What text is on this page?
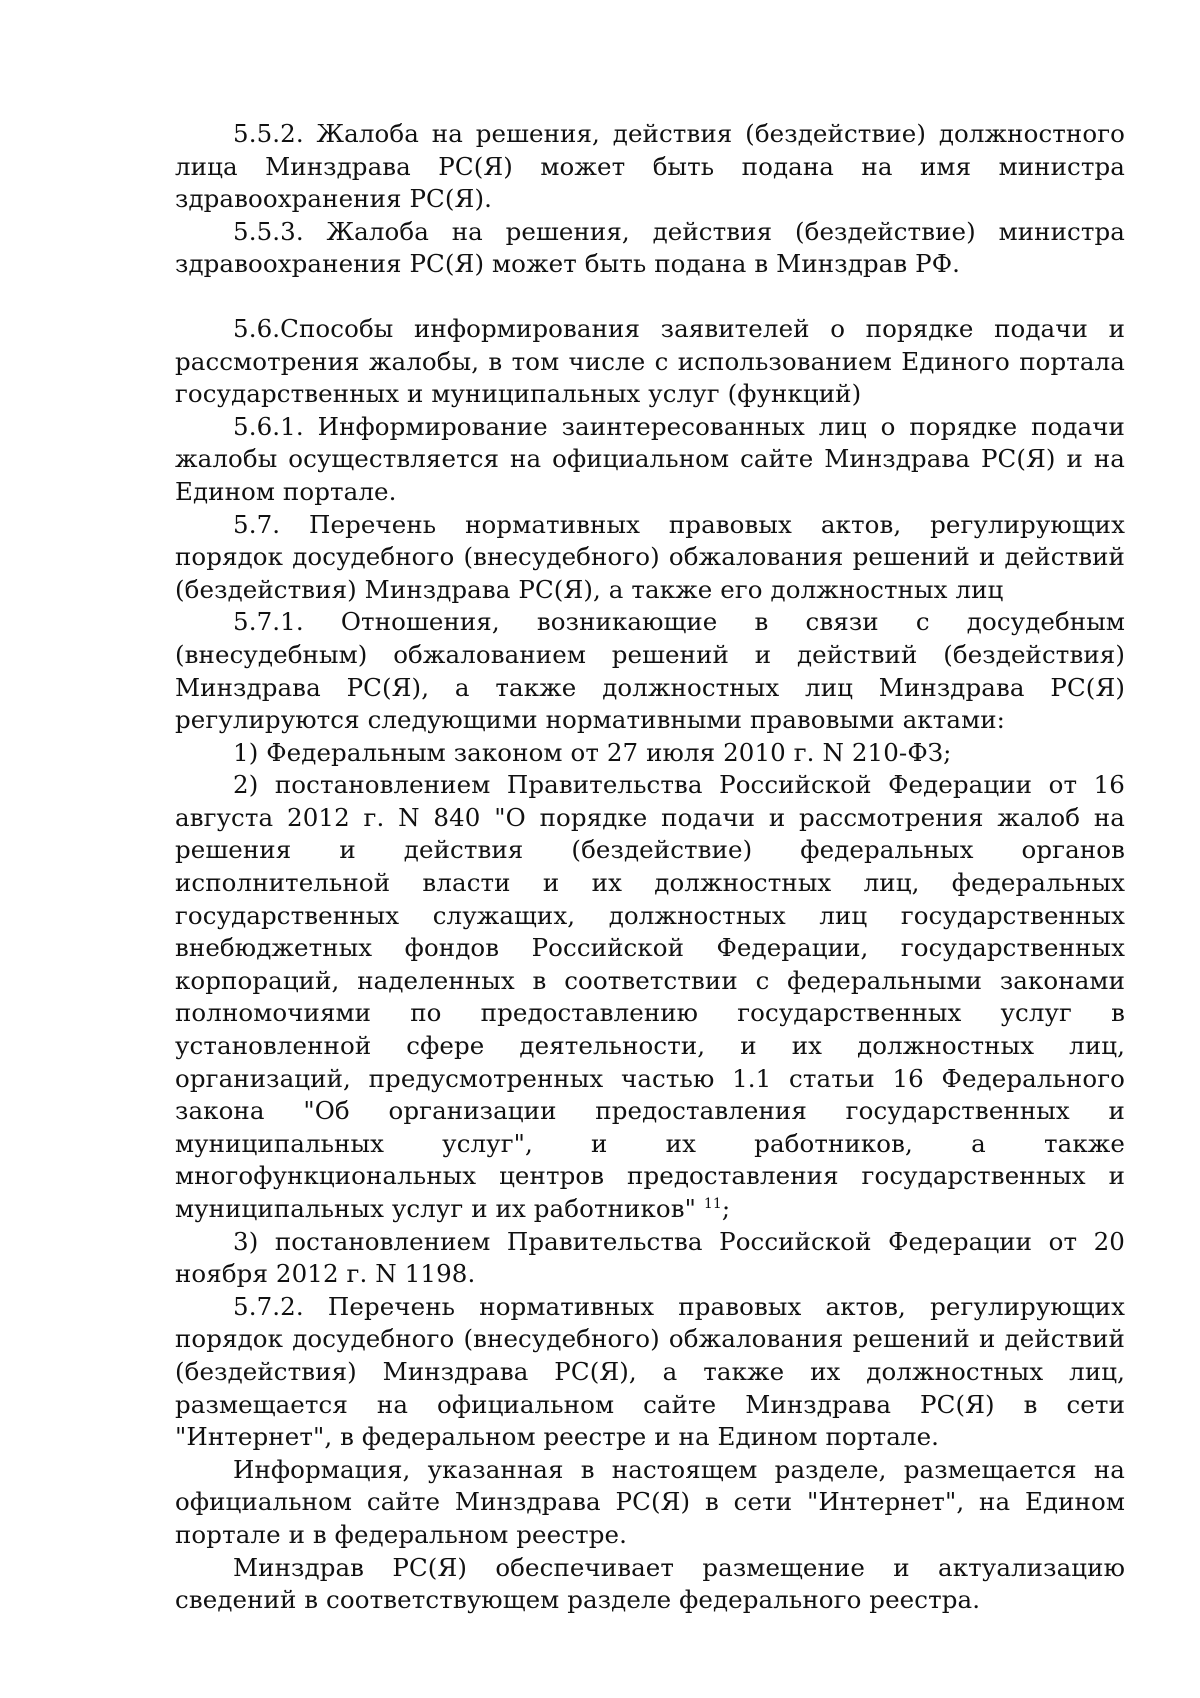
5.5.2. Жалоба на решения, действия (бездействие) должностного лица Минздрава РС(Я) может быть подана на имя министра здравоохранения РС(Я).

5.5.3. Жалоба на решения, действия (бездействие) министра здравоохранения РС(Я) может быть подана в Минздрав РФ.

5.6.Способы информирования заявителей о порядке подачи и рассмотрения жалобы, в том числе с использованием Единого портала государственных и муниципальных услуг (функций)

5.6.1. Информирование заинтересованных лиц о порядке подачи жалобы осуществляется на официальном сайте Минздрава РС(Я) и на Едином портале.

5.7. Перечень нормативных правовых актов, регулирующих порядок досудебного (внесудебного) обжалования решений и действий (бездействия) Минздрава РС(Я), а также его должностных лиц

5.7.1. Отношения, возникающие в связи с досудебным (внесудебным) обжалованием решений и действий (бездействия) Минздрава РС(Я), а также должностных лиц Минздрава РС(Я) регулируются следующими нормативными правовыми актами:

1) Федеральным законом от 27 июля 2010 г. N 210-ФЗ;

2) постановлением Правительства Российской Федерации от 16 августа 2012 г. N 840 "О порядке подачи и рассмотрения жалоб на решения и действия (бездействие) федеральных органов исполнительной власти и их должностных лиц, федеральных государственных служащих, должностных лиц государственных внебюджетных фондов Российской Федерации, государственных корпораций, наделенных в соответствии с федеральными законами полномочиями по предоставлению государственных услуг в установленной сфере деятельности, и их должностных лиц, организаций, предусмотренных частью 1.1 статьи 16 Федерального закона "Об организации предоставления государственных и муниципальных услуг", и их работников, а также многофункциональных центров предоставления государственных и муниципальных услуг и их работников" $^{11}$;

3) постановлением Правительства Российской Федерации от 20 ноября 2012 г. N 1198.

5.7.2. Перечень нормативных правовых актов, регулирующих порядок досудебного (внесудебного) обжалования решений и действий (бездействия) Минздрава РС(Я), а также их должностных лиц, размещается на официальном сайте Минздрава РС(Я) в сети "Интернет", в федеральном реестре и на Едином портале.

Информация, указанная в настоящем разделе, размещается на официальном сайте Минздрава РС(Я) в сети "Интернет", на Едином портале и в федеральном реестре.

Минздрав РС(Я) обеспечивает размещение и актуализацию сведений в соответствующем разделе федерального реестра.
